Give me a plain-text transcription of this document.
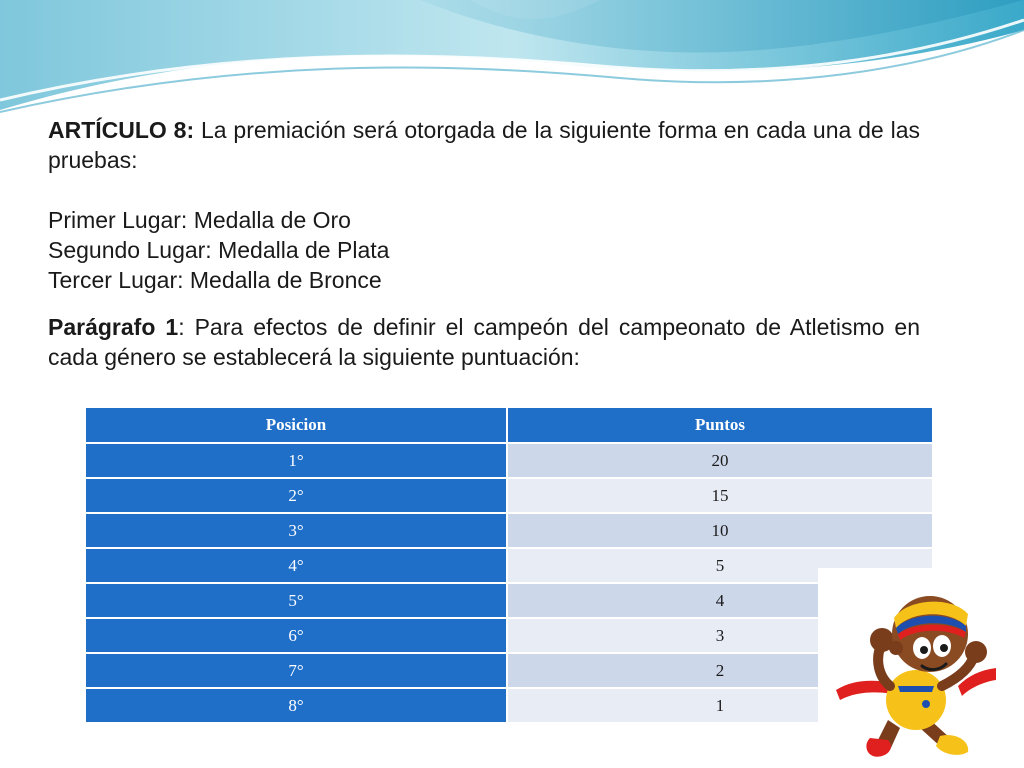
ARTÍCULO 8: La premiación será otorgada de la siguiente forma en cada una de las pruebas:
Primer Lugar: Medalla de Oro
Segundo Lugar: Medalla de Plata
Tercer Lugar: Medalla de Bronce
Parágrafo 1: Para efectos de definir el campeón del campeonato de Atletismo en cada género se establecerá la siguiente puntuación:
Posicion	Puntos
1°	20
2°	15
3°	10
4°	5
5°	4
6°	3
7°	2
8°	1
